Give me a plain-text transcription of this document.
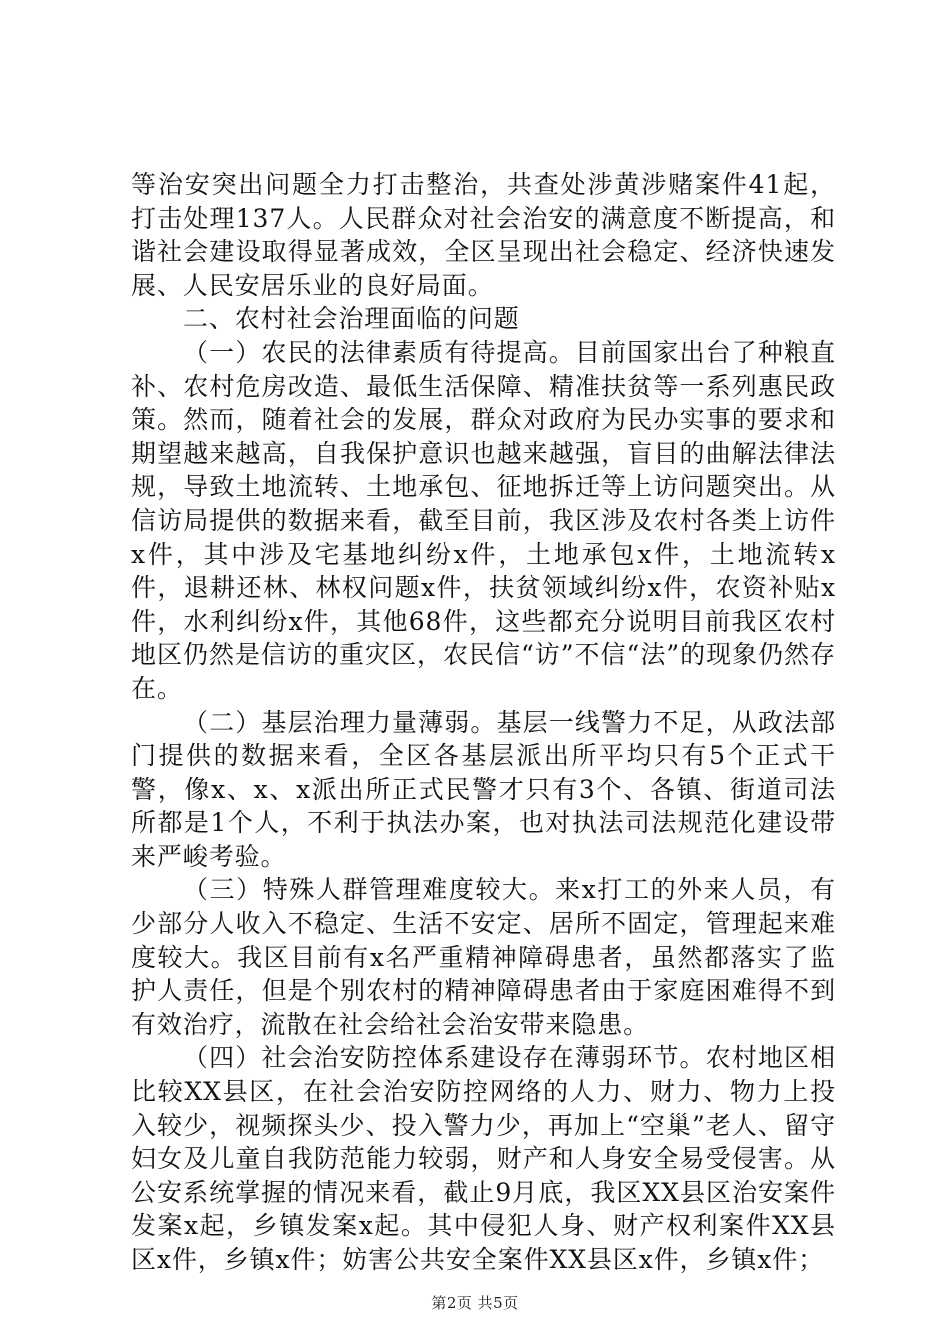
等治安突出问题全力打击整治，共查处涉黄涉赌案件41起，打击处理137人。人民群众对社会治安的满意度不断提高，和谐社会建设取得显著成效，全区呈现出社会稳定、经济快速发展、人民安居乐业的良好局面。

二、农村社会治理面临的问题

（一）农民的法律素质有待提高。目前国家出台了种粮直补、农村危房改造、最低生活保障、精准扶贫等一系列惠民政策。然而，随着社会的发展，群众对政府为民办实事的要求和期望越来越高，自我保护意识也越来越强，盲目的曲解法律法规，导致土地流转、土地承包、征地拆迁等上访问题突出。从信访局提供的数据来看，截至目前，我区涉及农村各类上访件x件，其中涉及宅基地纠纷x件，土地承包x件，土地流转x件，退耕还林、林权问题x件，扶贫领域纠纷x件，农资补贴x件，水利纠纷x件，其他68件，这些都充分说明目前我区农村地区仍然是信访的重灾区，农民信“访”不信“法”的现象仍然存在。

（二）基层治理力量薄弱。基层一线警力不足，从政法部门提供的数据来看，全区各基层派出所平均只有5个正式干警，像x、x、x派出所正式民警才只有3个、各镇、街道司法所都是1个人，不利于执法办案，也对执法司法规范化建设带来严峻考验。

（三）特殊人群管理难度较大。来x打工的外来人员，有少部分人收入不稳定、生活不安定、居所不固定，管理起来难度较大。我区目前有x名严重精神障碍患者，虽然都落实了监护人责任，但是个别农村的精神障碍患者由于家庭困难得不到有效治疗，流散在社会给社会治安带来隐患。

（四）社会治安防控体系建设存在薄弱环节。农村地区相比较XX县区，在社会治安防控网络的人力、财力、物力上投入较少，视频探头少、投入警力少，再加上“空巢”老人、留守妇女及儿童自我防范能力较弱，财产和人身安全易受侵害。从公安系统掌握的情况来看，截止9月底，我区XX县区治安案件发案x起，乡镇发案x起。其中侵犯人身、财产权利案件XX县区x件，乡镇x件；妨害公共安全案件XX县区x件，乡镇x件；

第2页 共5页
